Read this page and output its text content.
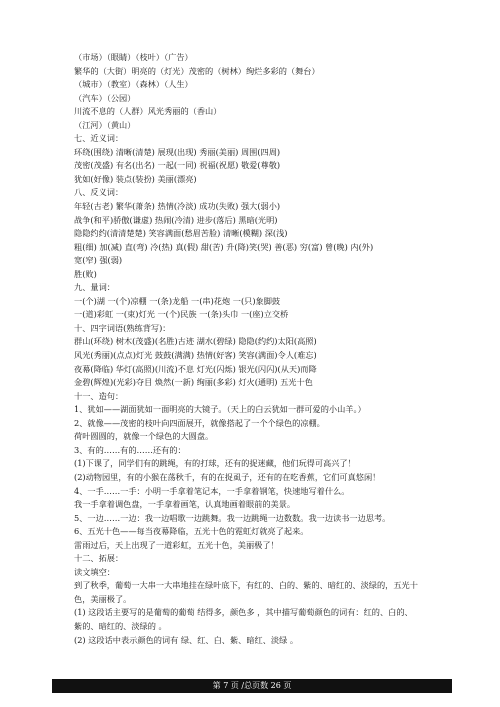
（市场）（眼睛）（枝叶）（广告）
繁华的（大街）明亮的（灯光）茂密的（树林）绚烂多彩的（舞台）
（城市）（教室）（森林）（人生）
（汽车）（公园）
川流不息的（人群）风光秀丽的（香山）
（江河）（黄山）
七、近义词：
环绕(围绕) 清晰(清楚) 展现(出现) 秀丽(美丽) 周围(四周)
茂密(茂盛) 有名(出名) 一起(一同) 祝福(祝愿) 敬爱(尊敬)
犹如(好像) 装点(装扮) 美丽(漂亮)
八、反义词：
年轻(古老) 繁华(萧条) 热情(冷淡) 成功(失败) 强大(弱小)
战争(和平)骄傲(谦虚) 热闹(冷清) 进步(落后) 黑暗(光明)
隐隐约约(清清楚楚) 笑容满面(愁眉苦脸) 清晰(模糊) 深(浅)
粗(细) 加(减) 直(弯) 冷(热) 真(假) 甜(苦) 升(降)笑(哭) 善(恶) 穷(富) 曾(晚) 内(外)
宽(窄) 强(弱)
胜(败)
九、量词：
一(个)湖 一(个)凉棚 一(条)龙船 一(串)花炮 一(只)象脚鼓
一(道)彩虹 一(束)灯光 一(个)民族 一(条)头巾 一(座)立交桥
十、四字词语(熟练背写)：
群山(环绕) 树木(茂盛)(名胜)古迹 湖水(碧绿) 隐隐(约约)太阳(高照)
风光(秀丽)(点点)灯光 鼓鼓(满满) 热情(好客) 笑容(满面)令人(难忘)
夜幕(降临) 华灯(高照)(川流)不息 灯光(闪烁) 银光(闪闪)(从天)而降
金碧(辉煌)(光彩)夺目 焕然(一新) 绚丽(多彩) 灯火(通明) 五光十色
十一、造句：
1、犹如——湖面犹如一面明亮的大镜子。（天上的白云犹如一群可爱的小山羊。）
2、就像——茂密的枝叶向四面展开，就像搭起了一个个绿色的凉棚。
荷叶圆圆的，就像一个绿色的大圆盘。
3、有的……有的……还有的：
(1)下课了，同学们有的跳绳，有的打球，还有的捉迷藏，他们玩得可高兴了！
(2)动物园里，有的小猴在荡秋千，有的在捉虱子，还有的在吃香蕉，它们可真悠闲！
4、一手……一手：小明一手拿着笔记本，一手拿着钢笔，快速地写着什么。
我一手拿着调色盘，一手拿着画笔，认真地画着眼前的美景。
5、一边……一边：我一边唱歌一边跳舞。我一边跳绳一边数数。我一边读书一边思考。
6、五光十色——每当夜幕降临，五光十色的霓虹灯就亮了起来。
雷雨过后，天上出现了一道彩虹，五光十色，美丽极了！
十二、拓展：
读文填空：
到了秋季，葡萄一大串一大串地挂在绿叶底下，有红的、白的、紫的、暗红的、淡绿的，五光十
色，美丽极了。
(1) 这段话主要写的是葡萄的葡萄 结得多，颜色多 ，其中描写葡萄颜色的词有：红的、白的、
紫的、暗红的、淡绿的 。
(2) 这段话中表示颜色的词有 绿、红、白、紫、暗红、淡绿 。
第 7 页 /总页数 26 页
